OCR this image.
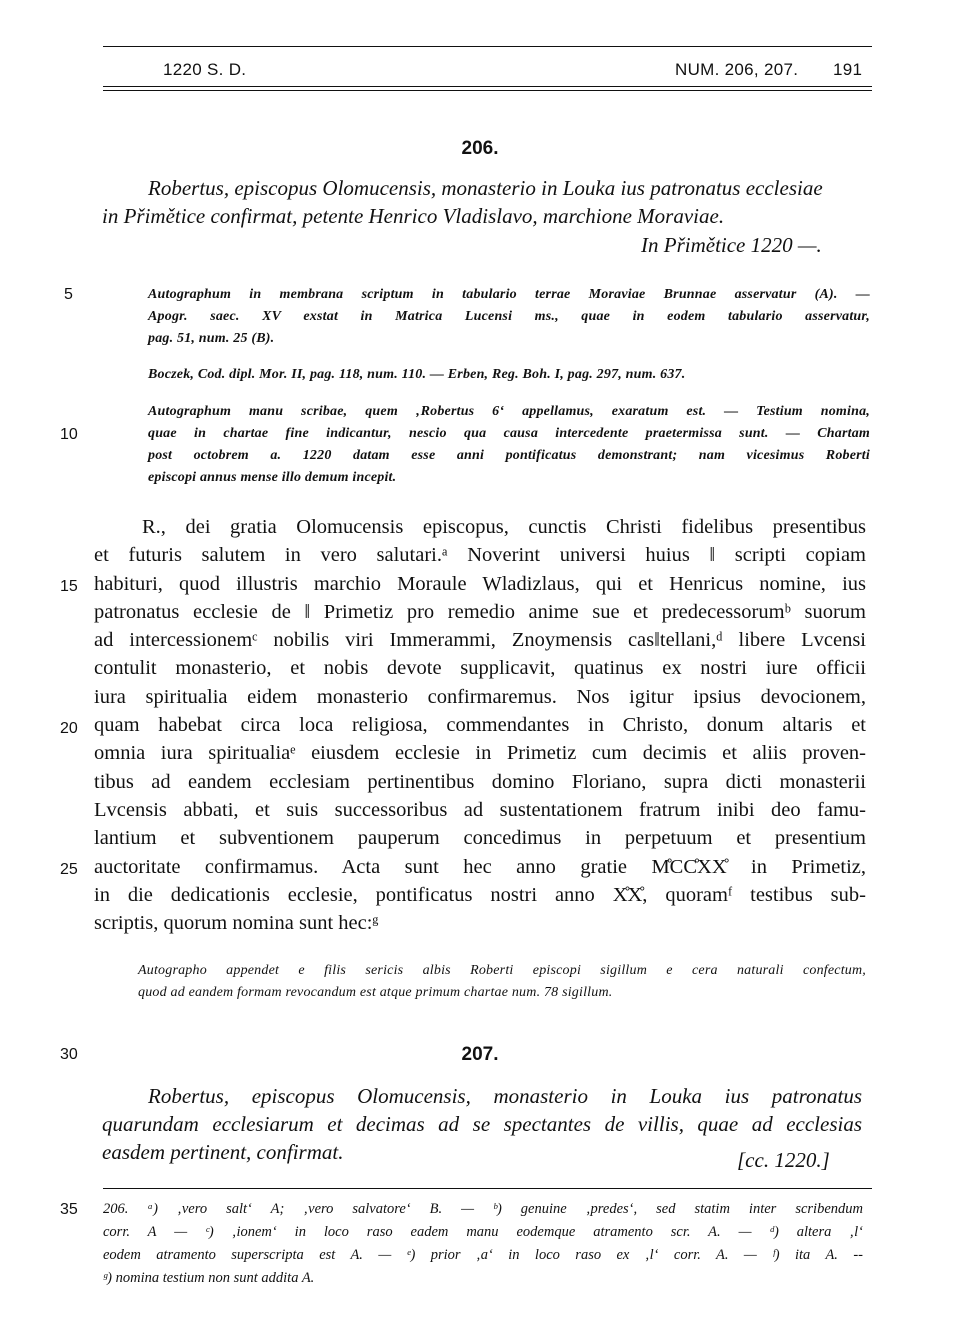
1220 S. D.	NUM. 206, 207. 191
206.
Robertus, episcopus Olomucensis, monasterio in Louka ius patronatus ecclesiae
in Přimětice confirmat, petente Henrico Vladislavo, marchione Moraviae.
In Přimětice 1220 —.
5	Autographum in membrana scriptum in tabulario terrae Moraviae Brunnae asservatur (A). —
Apogr. saec. XV exstat in Matrica Lucensi ms., quae in eodem tabulario asservatur,
pag. 51, num. 25 (B).
Boczek, Cod. dipl. Mor. II, pag. 118, num. 110. — Erben, Reg. Boh. I, pag. 297, num. 637.
10
Autographum manu scribae, quem ‚Robertus 6‘ appellamus, exaratum est. — Testium nomina,
quae in chartae fine indicantur, nescio qua causa intercedente praetermissa sunt. — Chartam
post octobrem a. 1220 datam esse anni pontificatus demonstrant; nam vicesimus Roberti
episcopi annus mense illo demum incepit.
15
20
25
R., dei gratia Olomucensis episcopus, cunctis Christi fidelibus presentibus
et futuris salutem in vero salutari.ᵃ Noverint universi huius ‖ scripti copiam
habituri, quod illustris marchio Moraule Wladizlaus, qui et Henricus nomine, ius
patronatus ecclesie de ‖ Primetiz pro remedio anime sue et predecessorumᵇ suorum
ad intercessionemᶜ nobilis viri Immerammi, Znoymensis cas‖tellani,ᵈ libere Lvcensi
contulit monasterio, et nobis devote supplicavit, quatinus ex nostri iure officii
iura spiritualia eidem monasterio confirmaremus. Nos igitur ipsius devocionem,
quam habebat circa loca religiosa, commendantes in Christo, donum altaris et
omnia iura spiritualiaᵉ eiusdem ecclesie in Primetiz cum decimis et aliis proven-
tibus ad eandem ecclesiam pertinentibus domino Floriano, supra dicti monasterii
Lvcensis abbati, et suis successoribus ad sustentationem fratrum inibi deo famu-
lantium et subventionem pauperum concedimus in perpetuum et presentium
auctoritate confirmamus. Acta sunt hec anno gratie M̊CC̊XX̊ in Primetiz,
in die dedicationis ecclesie, pontificatus nostri anno X̊X̊, quoramᶠ testibus sub-
scriptis, quorum nomina sunt hec:ᵍ
Autographo appendet e filis sericis albis Roberti episcopi sigillum e cera naturali confectum,
quod ad eandem formam revocandum est atque primum chartae num. 78 sigillum.
30	207.
Robertus, episcopus Olomucensis, monasterio in Louka ius patronatus
quarundam ecclesiarum et decimas ad se spectantes de villis, quae ad ecclesias
easdem pertinent, confirmat.	[cc. 1220.]
35 206. ᵃ) ‚vero salt‘ A; ‚vero salvatore‘ B. — ᵇ) genuine ‚predes‘, sed statim inter scribendum
corr. A — ᶜ) ‚ionem‘ in loco raso eadem manu eodemque atramento scr. A. — ᵈ) altera ‚l‘
eodem atramento superscripta est A. — ᵉ) prior ‚a‘ in loco raso ex ‚l‘ corr. A. — ᶠ) ita A. --
ᵍ) nomina testium non sunt addita A.
